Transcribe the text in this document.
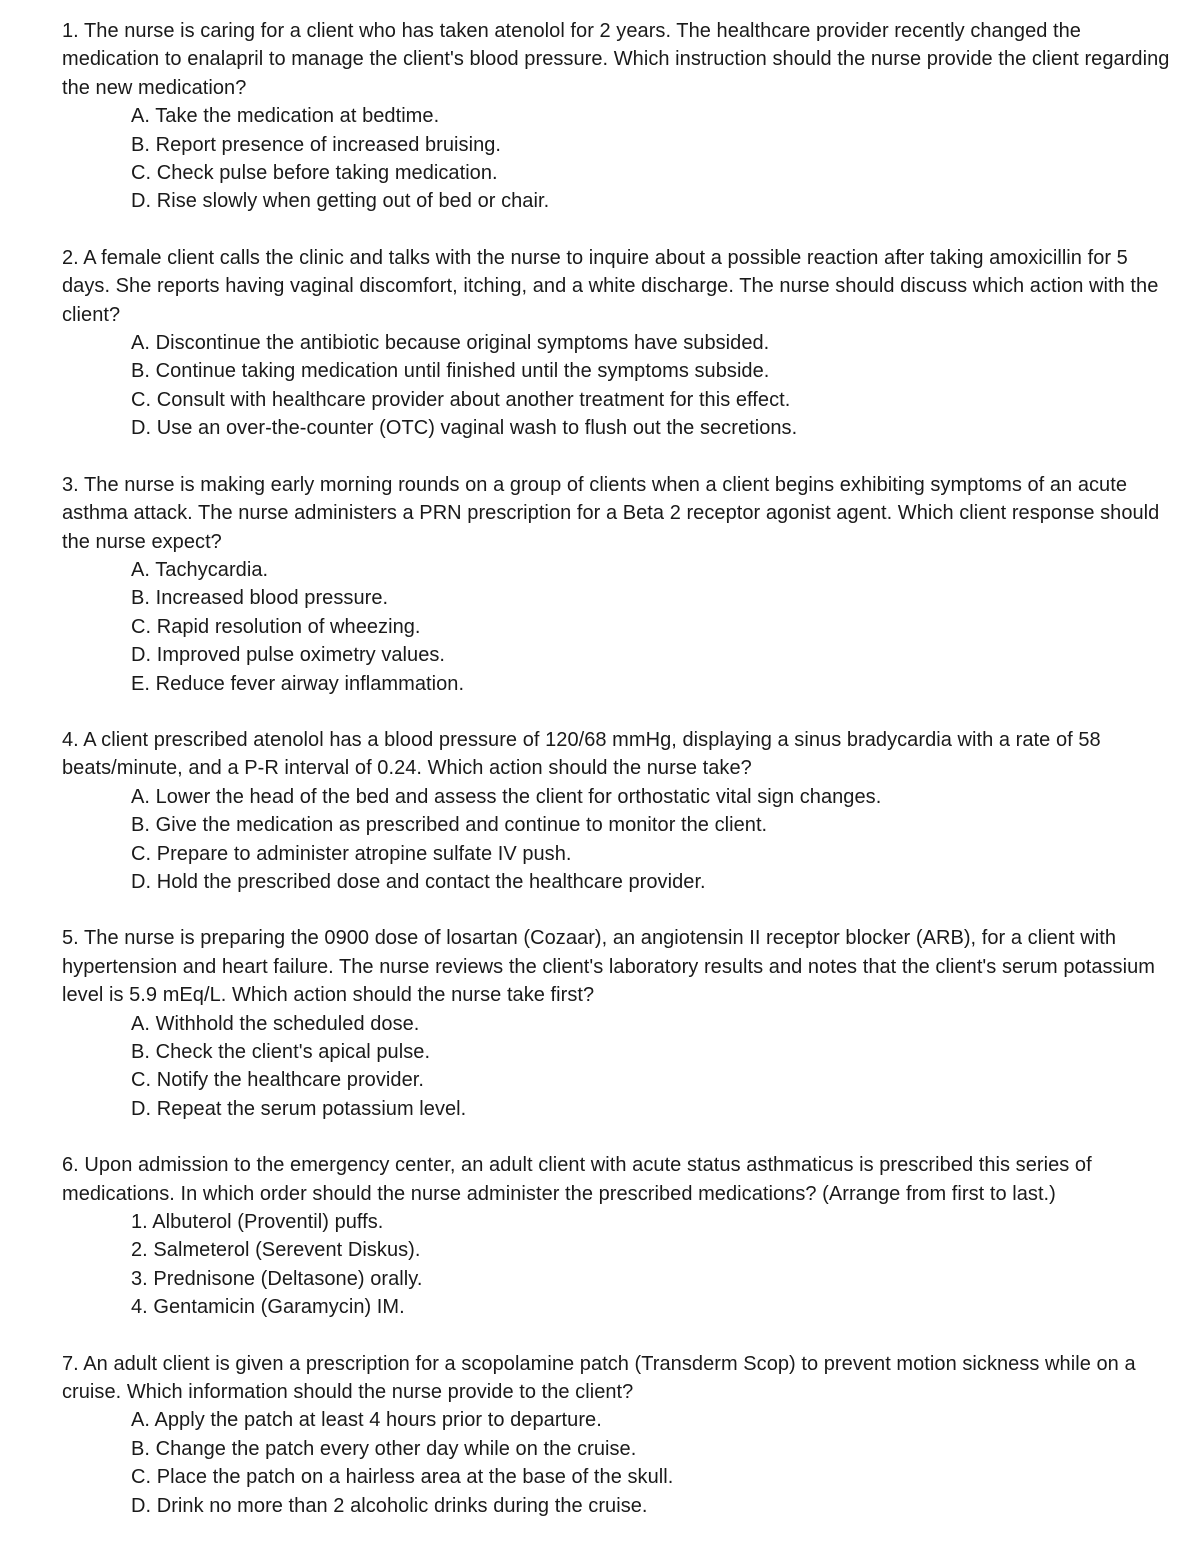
1. The nurse is caring for a client who has taken atenolol for 2 years. The healthcare provider recently changed the medication to enalapril to manage the client's blood pressure. Which instruction should the nurse provide the client regarding the new medication?

A. Take the medication at bedtime.
B. Report presence of increased bruising.
C. Check pulse before taking medication.
D. Rise slowly when getting out of bed or chair.

2. A female client calls the clinic and talks with the nurse to inquire about a possible reaction after taking amoxicillin for 5 days. She reports having vaginal discomfort, itching, and a white discharge. The nurse should discuss which action with the client?

A. Discontinue the antibiotic because original symptoms have subsided.
B. Continue taking medication until finished until the symptoms subside.
C. Consult with healthcare provider about another treatment for this effect.
D. Use an over-the-counter (OTC) vaginal wash to flush out the secretions.

3. The nurse is making early morning rounds on a group of clients when a client begins exhibiting symptoms of an acute asthma attack. The nurse administers a PRN prescription for a Beta 2 receptor agonist agent. Which client response should the nurse expect?

A. Tachycardia.
B. Increased blood pressure.
C. Rapid resolution of wheezing.
D. Improved pulse oximetry values.
E. Reduce fever airway inflammation.

4. A client prescribed atenolol has a blood pressure of 120/68 mmHg, displaying a sinus bradycardia with a rate of 58 beats/minute, and a P-R interval of 0.24. Which action should the nurse take?

A. Lower the head of the bed and assess the client for orthostatic vital sign changes.
B. Give the medication as prescribed and continue to monitor the client.
C. Prepare to administer atropine sulfate IV push.
D. Hold the prescribed dose and contact the healthcare provider.

5. The nurse is preparing the 0900 dose of losartan (Cozaar), an angiotensin II receptor blocker (ARB), for a client with hypertension and heart failure. The nurse reviews the client's laboratory results and notes that the client's serum potassium level is 5.9 mEq/L. Which action should the nurse take first?

A. Withhold the scheduled dose.
B. Check the client's apical pulse.
C. Notify the healthcare provider.
D. Repeat the serum potassium level.

6. Upon admission to the emergency center, an adult client with acute status asthmaticus is prescribed this series of medications. In which order should the nurse administer the prescribed medications? (Arrange from first to last.)

1. Albuterol (Proventil) puffs.
2. Salmeterol (Serevent Diskus).
3. Prednisone (Deltasone) orally.
4. Gentamicin (Garamycin) IM.

7. An adult client is given a prescription for a scopolamine patch (Transderm Scop) to prevent motion sickness while on a cruise. Which information should the nurse provide to the client?

A. Apply the patch at least 4 hours prior to departure.
B. Change the patch every other day while on the cruise.
C. Place the patch on a hairless area at the base of the skull.
D. Drink no more than 2 alcoholic drinks during the cruise.
